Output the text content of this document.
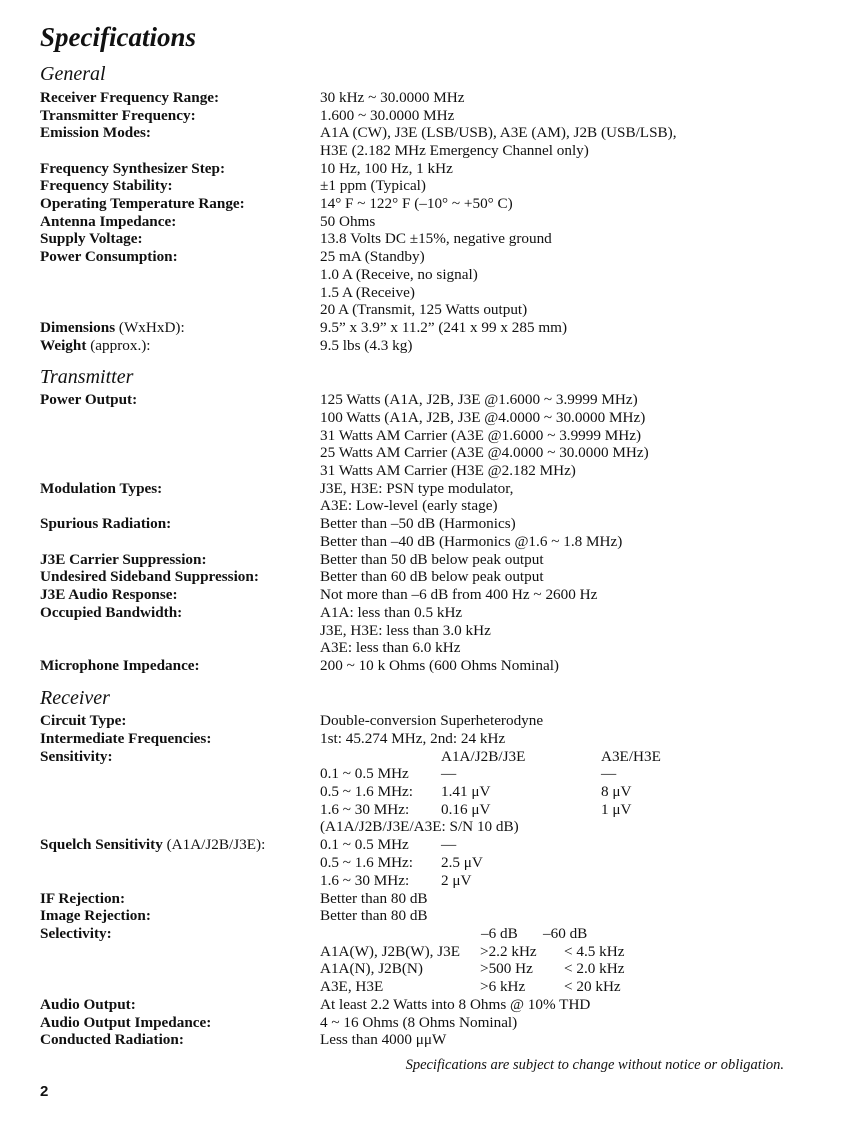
Specifications
General
Receiver Frequency Range:	30 kHz ~ 30.0000 MHz
Transmitter Frequency:	1.600 ~ 30.0000 MHz
Emission Modes:	A1A (CW), J3E (LSB/USB), A3E (AM), J2B (USB/LSB),
H3E (2.182 MHz Emergency Channel only)
Frequency Synthesizer Step:	10 Hz, 100 Hz, 1 kHz
Frequency Stability:	±1 ppm (Typical)
Operating Temperature Range:	14° F ~ 122° F (–10° ~ +50° C)
Antenna Impedance:	50 Ohms
Supply Voltage:	13.8 Volts DC ±15%, negative ground
Power Consumption:	25 mA (Standby)
1.0 A (Receive, no signal)
1.5 A (Receive)
20 A (Transmit, 125 Watts output)
Dimensions (WxHxD):	9.5” x 3.9” x 11.2” (241 x 99 x 285 mm)
Weight (approx.):	9.5 lbs (4.3 kg)
Transmitter
Power Output:	125 Watts (A1A, J2B, J3E @1.6000 ~ 3.9999 MHz)
100 Watts (A1A, J2B, J3E @4.0000 ~ 30.0000 MHz)
31 Watts AM Carrier (A3E @1.6000 ~ 3.9999 MHz)
25 Watts AM Carrier (A3E @4.0000 ~ 30.0000 MHz)
31 Watts AM Carrier (H3E @2.182 MHz)
Modulation Types:	J3E, H3E: PSN type modulator,
A3E: Low-level (early stage)
Spurious Radiation:	Better than –50 dB (Harmonics)
Better than –40 dB (Harmonics @1.6 ~ 1.8 MHz)
J3E Carrier Suppression:	Better than 50 dB below peak output
Undesired Sideband Suppression:	Better than 60 dB below peak output
J3E Audio Response:	Not more than –6 dB from 400 Hz ~ 2600 Hz
Occupied Bandwidth:	A1A: less than 0.5 kHz
J3E, H3E: less than 3.0 kHz
A3E: less than 6.0 kHz
Microphone Impedance:	200 ~ 10 k Ohms (600 Ohms Nominal)
Receiver
Circuit Type:	Double-conversion Superheterodyne
Intermediate Frequencies:	1st: 45.274 MHz, 2nd: 24 kHz
Sensitivity:	A1A/J2B/J3E	A3E/H3E
0.1 ~ 0.5 MHz —	—
0.5 ~ 1.6 MHz: 1.41 μV	8 μV
1.6 ~ 30 MHz: 0.16 μV	1 μV
(A1A/J2B/J3E/A3E: S/N 10 dB)
Squelch Sensitivity (A1A/J2B/J3E):	0.1 ~ 0.5 MHz —
0.5 ~ 1.6 MHz: 2.5 μV
1.6 ~ 30 MHz: 2 μV
IF Rejection:	Better than 80 dB
Image Rejection:	Better than 80 dB
Selectivity:	–6 dB –60 dB
A1A(W), J2B(W), J3E >2.2 kHz < 4.5 kHz
A1A(N), J2B(N)	>500 Hz < 2.0 kHz
A3E, H3E	>6 kHz	< 20 kHz
Audio Output:	At least 2.2 Watts into 8 Ohms @ 10% THD
Audio Output Impedance:	4 ~ 16 Ohms (8 Ohms Nominal)
Conducted Radiation:	Less than 4000 μμW
Specifications are subject to change without notice or obligation.
2
